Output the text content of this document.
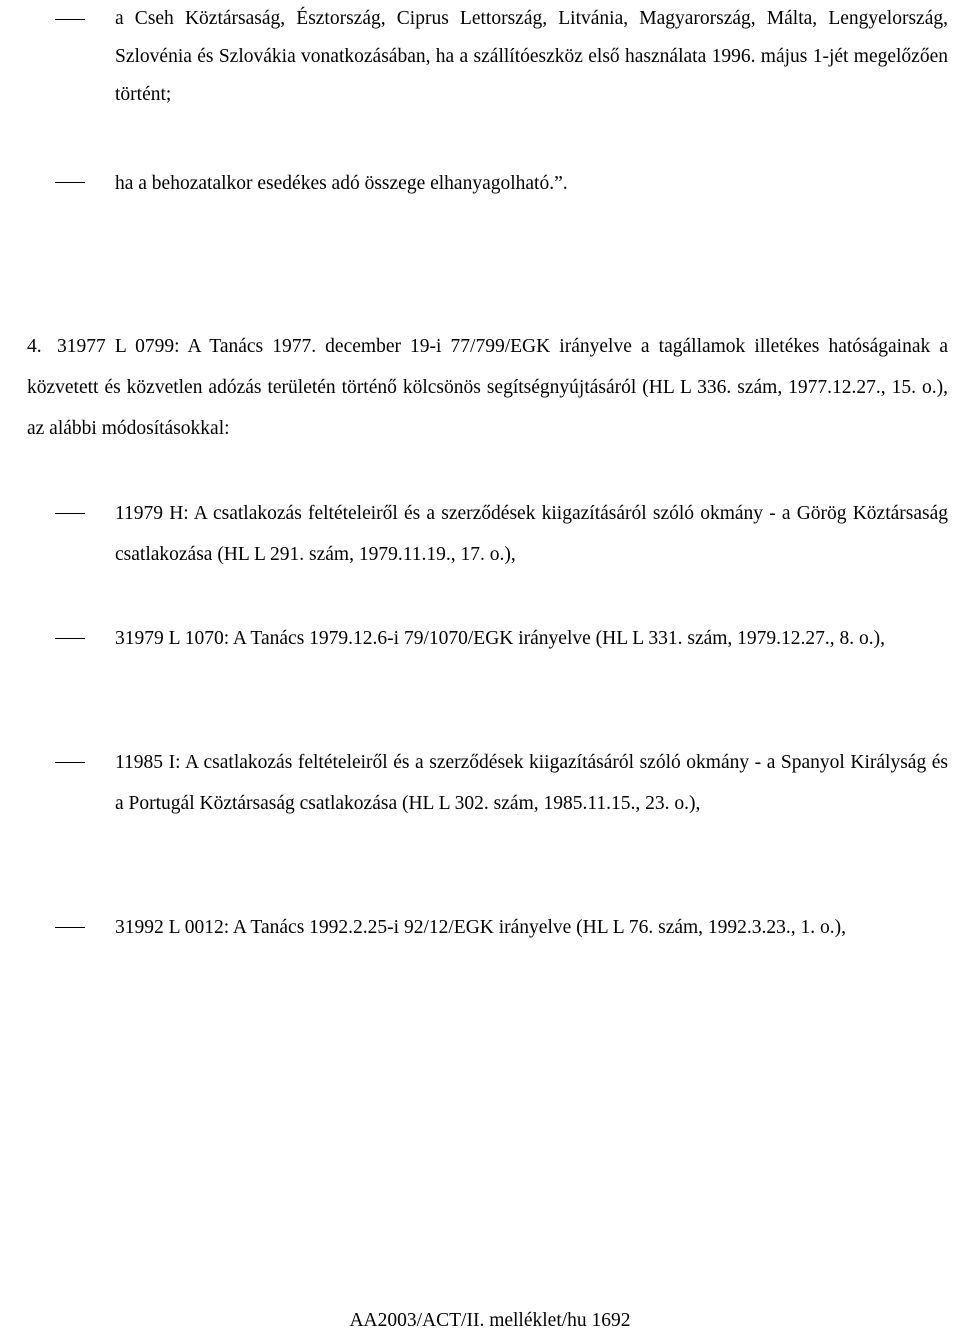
a Cseh Köztársaság, Észtország, Ciprus Lettország, Litvánia, Magyarország, Málta, Lengyelország, Szlovénia és Szlovákia vonatkozásában, ha a szállítóeszköz első használata 1996. május 1-jét megelőzően történt;
ha a behozatalkor esedékes adó összege elhanyagolható.”.
4. 31977 L 0799: A Tanács 1977. december 19-i 77/799/EGK irányelve a tagállamok illetékes hatóságainak a közvetett és közvetlen adózás területén történő kölcsönös segítségnyújtásáról (HL L 336. szám, 1977.12.27., 15. o.), az alábbi módosításokkal:
11979 H: A csatlakozás feltételeiről és a szerződések kiigazításáról szóló okmány - a Görög Köztársaság csatlakozása (HL L 291. szám, 1979.11.19., 17. o.),
31979 L 1070: A Tanács 1979.12.6-i 79/1070/EGK irányelve (HL L 331. szám, 1979.12.27., 8. o.),
11985 I: A csatlakozás feltételeiről és a szerződések kiigazításáról szóló okmány - a Spanyol Királyság és a Portugál Köztársaság csatlakozása (HL L 302. szám, 1985.11.15., 23. o.),
31992 L 0012: A Tanács 1992.2.25-i 92/12/EGK irányelve (HL L 76. szám, 1992.3.23., 1. o.),
AA2003/ACT/II. melléklet/hu 1692
